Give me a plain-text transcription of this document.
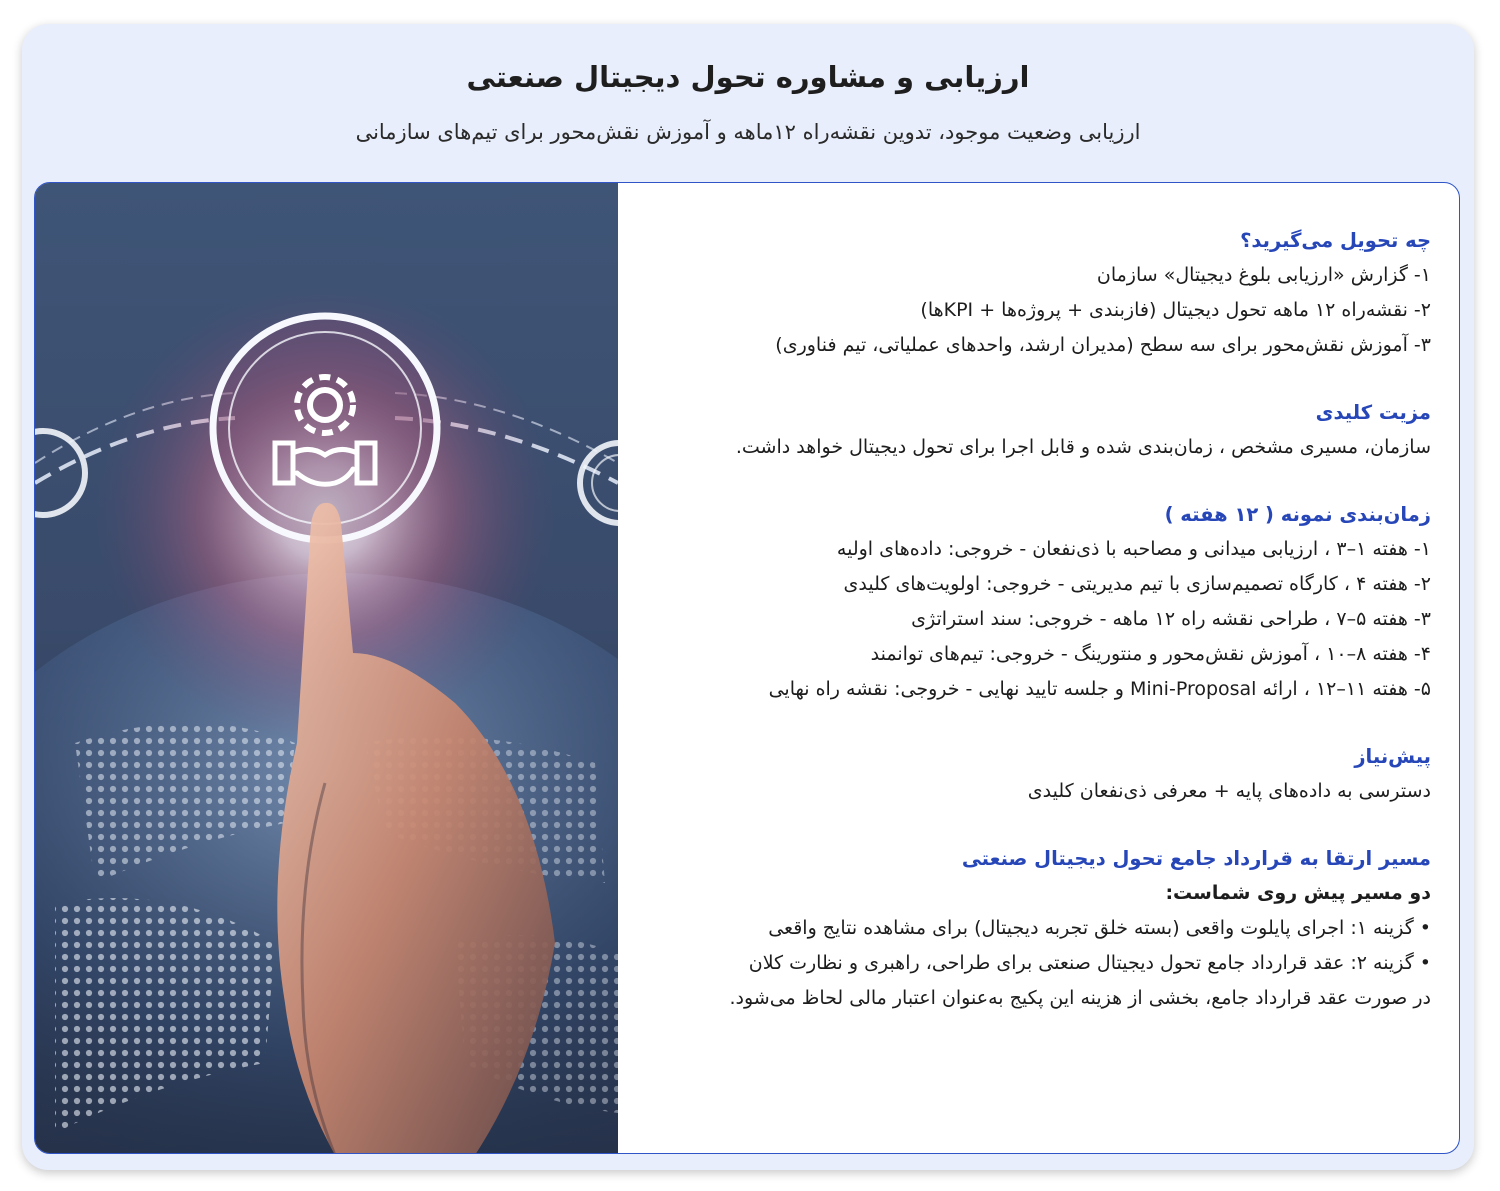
ارزیابی و مشاوره تحول دیجیتال صنعتی
ارزیابی وضعیت موجود، تدوین نقشه‌راه ۱۲ماهه و آموزش نقش‌محور برای تیم‌های سازمانی
چه تحویل می‌گیرید؟
۱- گزارش «ارزیابی بلوغ دیجیتال» سازمان
۲- نقشه‌راه ۱۲ ماهه تحول دیجیتال (فازبندی + پروژه‌ها + KPIها)
۳- آموزش نقش‌محور برای سه سطح (مدیران ارشد، واحدهای عملیاتی، تیم فناوری)
مزیت کلیدی
سازمان، مسیری مشخص ، زمان‌بندی شده و قابل اجرا برای تحول دیجیتال خواهد داشت.
زمان‌بندی نمونه ( ۱۲ هفته )
۱- هفته ۱–۳ ، ارزیابی میدانی و مصاحبه با ذی‌نفعان - خروجی: داده‌های اولیه
۲- هفته ۴ ، کارگاه تصمیم‌سازی با تیم مدیریتی - خروجی: اولویت‌های کلیدی
۳- هفته ۵–۷ ، طراحی نقشه راه ۱۲ ماهه - خروجی: سند استراتژی
۴- هفته ۸–۱۰ ، آموزش نقش‌محور و منتورینگ - خروجی: تیم‌های توانمند
۵- هفته ۱۱–۱۲ ، ارائه Mini-Proposal و جلسه تایید نهایی - خروجی: نقشه راه نهایی
پیش‌نیاز
دسترسی به داده‌های پایه + معرفی ذی‌نفعان کلیدی
مسیر ارتقا به قرارداد جامع تحول دیجیتال صنعتی
دو مسیر پیش روی شماست:
• گزینه ۱: اجرای پایلوت واقعی (بسته خلق تجربه دیجیتال) برای مشاهده نتایج واقعی
• گزینه ۲: عقد قرارداد جامع تحول دیجیتال صنعتی برای طراحی، راهبری و نظارت کلان
در صورت عقد قرارداد جامع، بخشی از هزینه این پکیج به‌عنوان اعتبار مالی لحاظ می‌شود.
